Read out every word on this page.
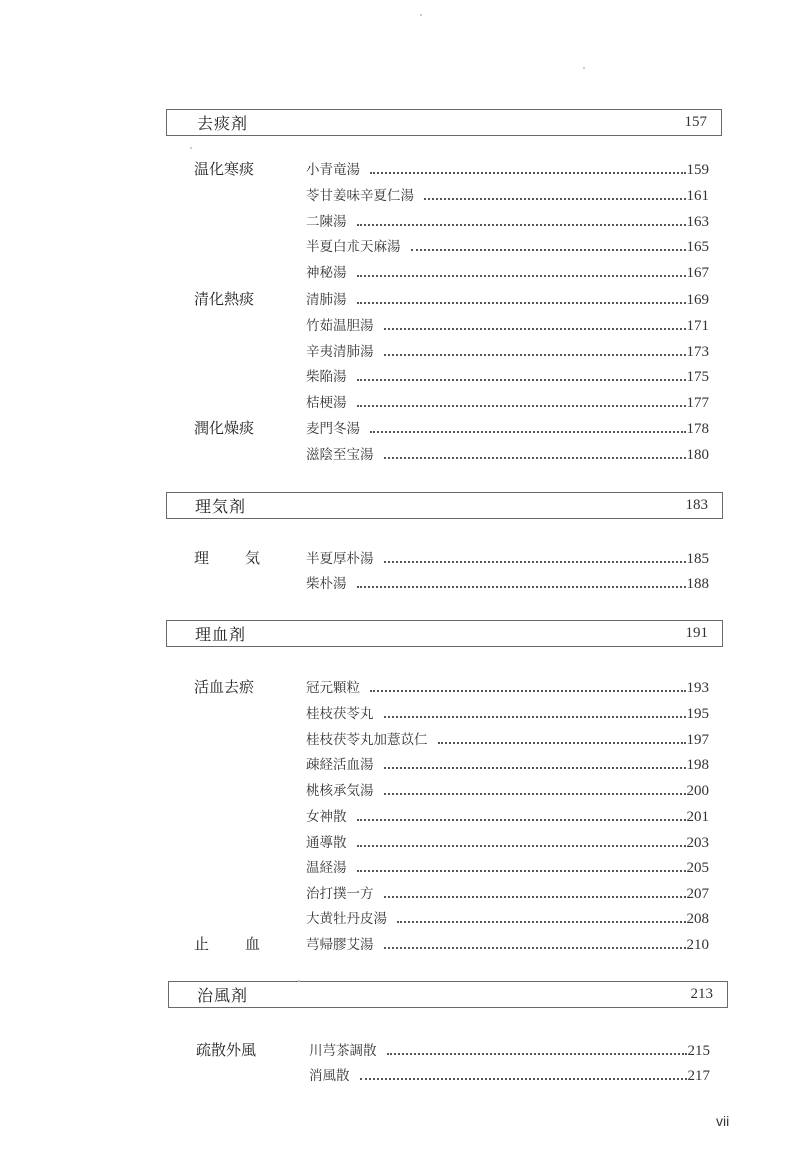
去痰剤	157
温化寒痰	小青竜湯	159
苓甘姜味辛夏仁湯	161
二陳湯	163
半夏白朮天麻湯	165
神秘湯	167
清化熱痰	清肺湯	169
竹茹温胆湯	171
辛夷清肺湯	173
柴陥湯	175
桔梗湯	177
潤化燥痰	麦門冬湯	178
滋陰至宝湯	180
理気剤	183
理 気	半夏厚朴湯	185
柴朴湯	188
理血剤	191
活血去瘀	冠元顆粒	193
桂枝茯苓丸	195
桂枝茯苓丸加薏苡仁	197
疎経活血湯	198
桃核承気湯	200
女神散	201
通導散	203
温経湯	205
治打撲一方	207
大黄牡丹皮湯	208
止 血	芎帰膠艾湯	210
治風剤	213
疏散外風	川芎茶調散	215
消風散	217
vii
